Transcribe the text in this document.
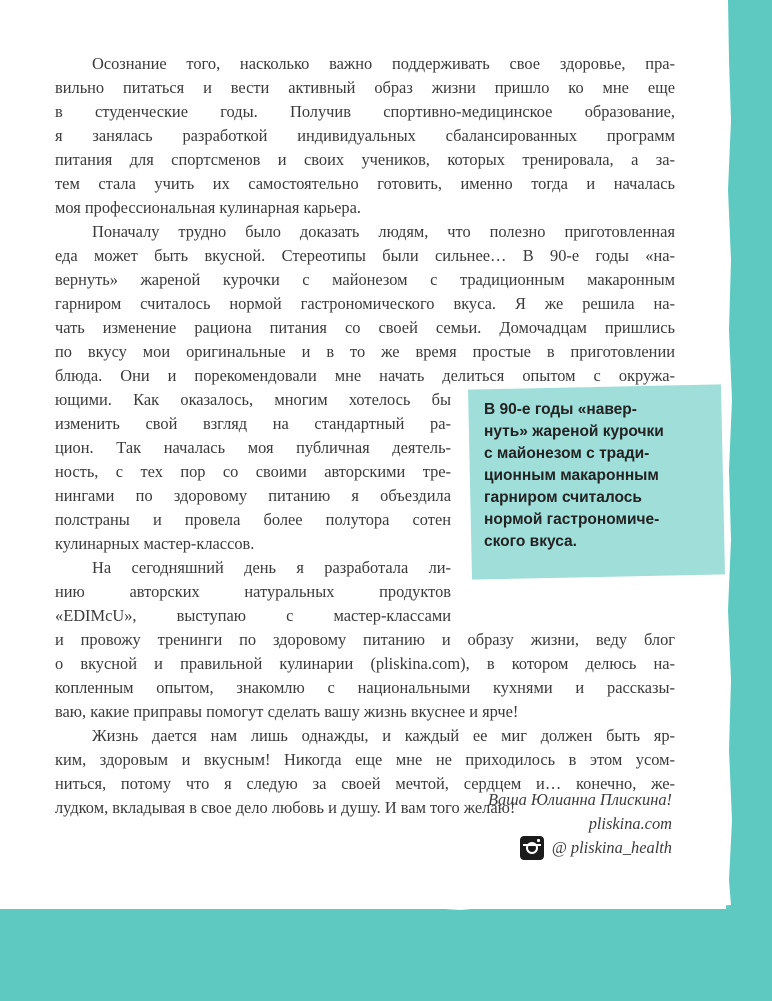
Осознание того, насколько важно поддерживать свое здоровье, пра-
вильно питаться и вести активный образ жизни пришло ко мне еще
в студенческие годы. Получив спортивно-медицинское образование,
я занялась разработкой индивидуальных сбалансированных программ
питания для спортсменов и своих учеников, которых тренировала, а за-
тем стала учить их самостоятельно готовить, именно тогда и началась
моя профессиональная кулинарная карьера.
Поначалу трудно было доказать людям, что полезно приготовленная
еда может быть вкусной. Стереотипы были сильнее… В 90-е годы «на-
вернуть» жареной курочки с майонезом с традиционным макаронным
гарниром считалось нормой гастрономического вкуса. Я же решила на-
чать изменение рациона питания со своей семьи. Домочадцам пришлись
по вкусу мои оригинальные и в то же время простые в приготовлении
блюда. Они и порекомендовали мне начать делиться опытом с окружа-
ющими. Как оказалось, многим хотелось бы
изменить свой взгляд на стандартный ра-
цион. Так началась моя публичная деятель-
ность, с тех пор со своими авторскими тре-
нингами по здоровому питанию я объездила
полстраны и провела более полутора сотен
кулинарных мастер-классов.
На сегодняшний день я разработала ли-
нию авторских натуральных продуктов
«EDIMcU», выступаю с мастер-классами
и провожу тренинги по здоровому питанию и образу жизни, веду блог
о вкусной и правильной кулинарии (pliskina.com), в котором делюсь на-
копленным опытом, знакомлю с национальными кухнями и рассказы-
ваю, какие приправы помогут сделать вашу жизнь вкуснее и ярче!
Жизнь дается нам лишь однажды, и каждый ее миг должен быть яр-
ким, здоровым и вкусным! Никогда еще мне не приходилось в этом усом-
ниться, потому что я следую за своей мечтой, сердцем и… конечно, же-
лудком, вкладывая в свое дело любовь и душу. И вам того желаю!
В 90-е годы «навер-
нуть» жареной курочки
с майонезом с тради-
ционным макаронным
гарниром считалось
нормой гастрономиче-
ского вкуса.
Ваша Юлианна Плискина!
pliskina.com
@ pliskina_health
